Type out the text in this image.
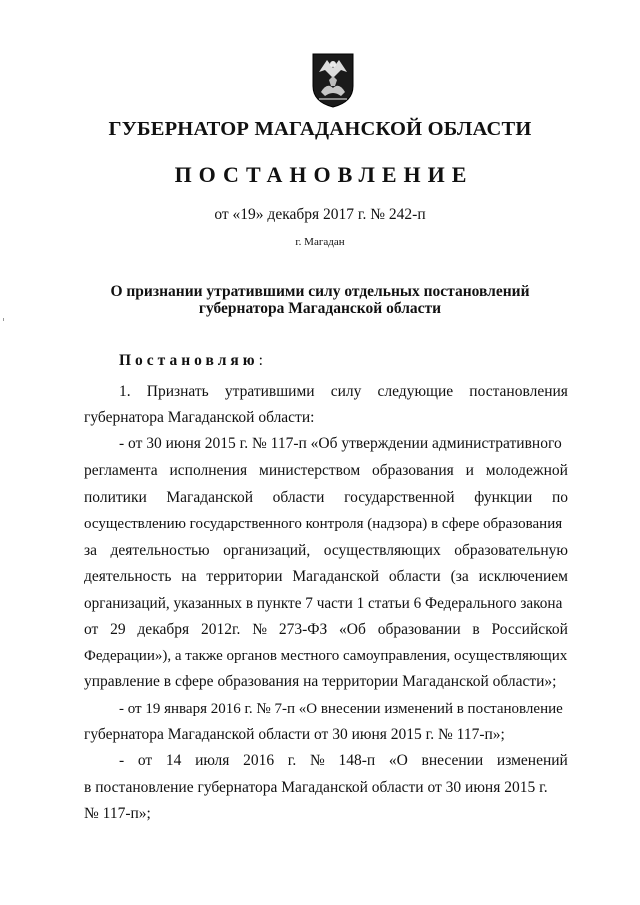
ГУБЕРНАТОР МАГАДАНСКОЙ ОБЛАСТИ
ПОСТАНОВЛЕНИЕ
от «19» декабря 2017 г. № 242-п
г. Магадан
О признании утратившими силу отдельных постановлений
губернатора Магаданской области
Постановляю:
1. Признать утратившими силу следующие постановления
губернатора Магаданской области:
- от 30 июня 2015 г. № 117-п «Об утверждении административного
регламента исполнения министерством образования и молодежной
политики Магаданской области государственной функции по
осуществлению государственного контроля (надзора) в сфере образования
за деятельностью организаций, осуществляющих образовательную
деятельность на территории Магаданской области (за исключением
организаций, указанных в пункте 7 части 1 статьи 6 Федерального закона
от 29 декабря 2012г. № 273-ФЗ «Об образовании в Российской
Федерации»), а также органов местного самоуправления, осуществляющих
управление в сфере образования на территории Магаданской области»;
- от 19 января 2016 г. № 7-п «О внесении изменений в постановление
губернатора Магаданской области от 30 июня 2015 г. № 117-п»;
- от 14 июля 2016 г. № 148-п «О внесении изменений
в постановление губернатора Магаданской области от 30 июня 2015 г.
№ 117-п»;
